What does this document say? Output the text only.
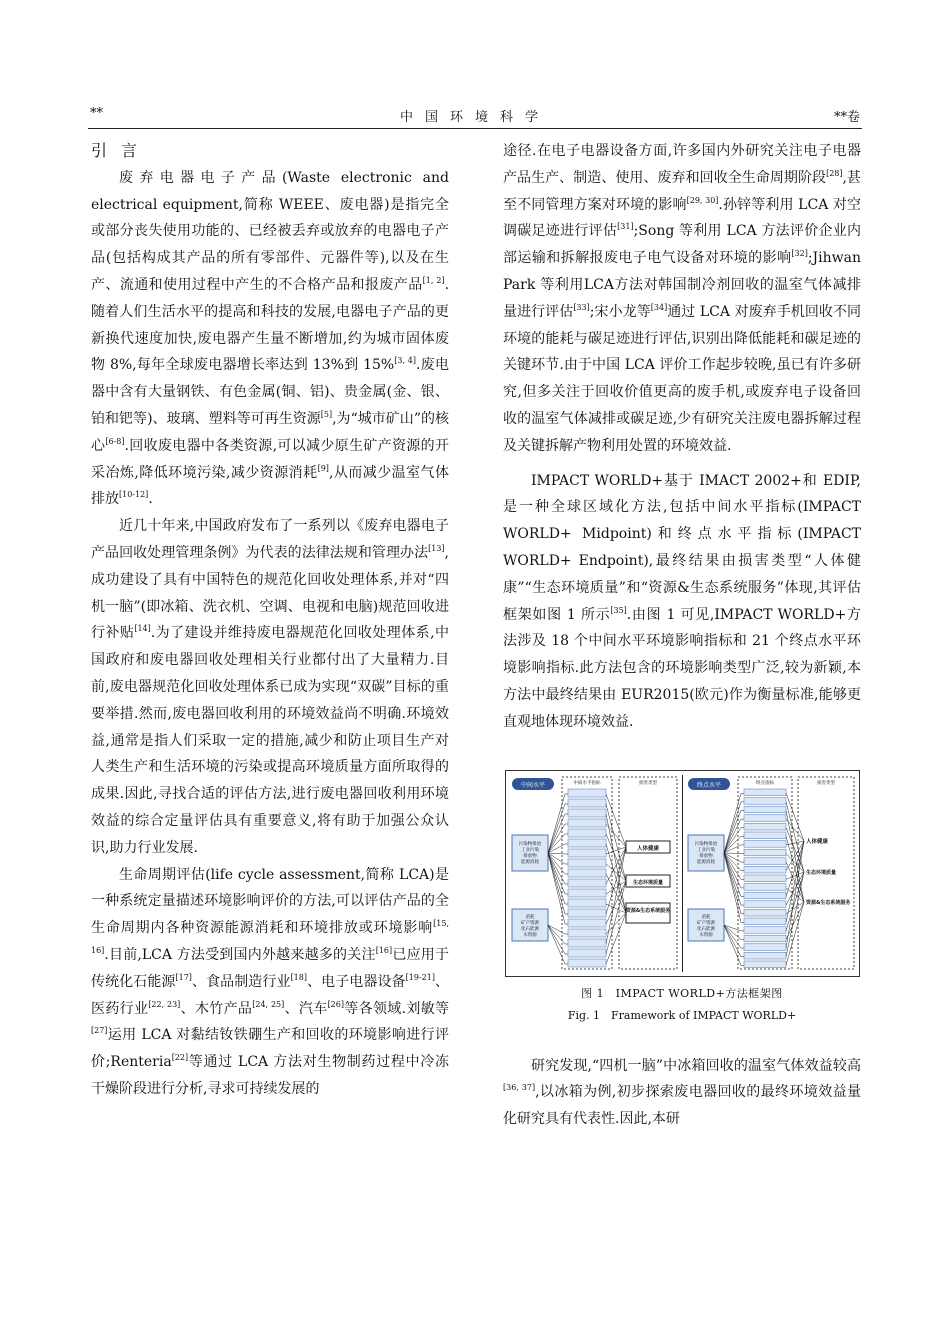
**	中国环境科学	**卷

引言

废弃电器电子产品(Waste electronic and electrical equipment,简称 WEEE、废电器)是指完全或部分丧失使用功能的、已经被丢弃或放弃的电器电子产品(包括构成其产品的所有零部件、元器件等),以及在生产、流通和使用过程中产生的不合格产品和报废产品[1, 2].随着人们生活水平的提高和科技的发展,电器电子产品的更新换代速度加快,废电器产生量不断增加,约为城市固体废物 8%,每年全球废电器增长率达到 13%到 15%[3, 4].废电器中含有大量钢铁、有色金属(铜、铝)、贵金属(金、银、铂和钯等)、玻璃、塑料等可再生资源[5],为“城市矿山”的核心[6-8].回收废电器中各类资源,可以减少原生矿产资源的开采冶炼,降低环境污染,减少资源消耗[9],从而减少温室气体排放[10-12].

近几十年来,中国政府发布了一系列以《废弃电器电子产品回收处理管理条例》为代表的法律法规和管理办法[13],成功建设了具有中国特色的规范化回收处理体系,并对“四机一脑”(即冰箱、洗衣机、空调、电视和电脑)规范回收进行补贴[14].为了建设并维持废电器规范化回收处理体系,中国政府和废电器回收处理相关行业都付出了大量精力.目前,废电器规范化回收处理体系已成为实现“双碳”目标的重要举措.然而,废电器回收利用的环境效益尚不明确.环境效益,通常是指人们采取一定的措施,减少和防止项目生产对人类生产和生活环境的污染或提高环境质量方面所取得的成果.因此,寻找合适的评估方法,进行废电器回收利用环境效益的综合定量评估具有重要意义,将有助于加强公众认识,助力行业发展.

生命周期评估(life cycle assessment,简称 LCA)是一种系统定量描述环境影响评价的方法,可以评估产品的全生命周期内各种资源能源消耗和环境排放或环境影响[15, 16].目前,LCA 方法受到国内外越来越多的关注[16]已应用于传统化石能源[17]、食品制造行业[18]、电子电器设备[19-21]、医药行业[22, 23]、木竹产品[24, 25]、汽车[26]等各领域.刘敏等[27]运用 LCA 对黏结钕铁硼生产和回收的环境影响进行评价;Renteria[22]等通过 LCA 方法对生物制药过程中冷冻干燥阶段进行分析,寻求可持续发展的

途径.在电子电器设备方面,许多国内外研究关注电子电器产品生产、制造、使用、废弃和回收全生命周期阶段[28],甚至不同管理方案对环境的影响[29, 30].孙锌等利用 LCA 对空调碳足迹进行评估[31];Song 等利用 LCA 方法评价企业内部运输和拆解报废电子电气设备对环境的影响[32];Jihwan Park 等利用LCA方法对韩国制冷剂回收的温室气体减排量进行评估[33];宋小龙等[34]通过 LCA 对废弃手机回收不同环境的能耗与碳足迹进行评估,识别出降低能耗和碳足迹的关键环节.由于中国 LCA 评价工作起步较晚,虽已有许多研究,但多关注于回收价值更高的废手机,或废弃电子设备回收的温室气体减排或碳足迹,少有研究关注废电器拆解过程及关键拆解产物利用处置的环境效益.

IMPACT WORLD+基于 IMACT 2002+和 EDIP,是一种全球区域化方法,包括中间水平指标(IMPACT WORLD+ Midpoint)和终点水平指标(IMPACT WORLD+ Endpoint),最终结果由损害类型“人体健康”“生态环境质量”和“资源&生态系统服务”体现,其评估框架如图 1 所示[35].由图 1 可见,IMPACT WORLD+方法涉及 18 个中间水平环境影响指标和 21 个终点水平环境影响指标.此方法包含的环境影响类型广泛,较为新颖,本方法中最终结果由 EUR2015(欧元)作为衡量标准,能够更直观地体现环境效益.

中间水平	中间水平指标	损害类型
污染物排放工业污染排放物能源消耗
消耗矿产资源化石能源水资源
人体健康
生态环境质量
资源&生态系统服务
终点水平	终点指标	损害类型
污染物排放工业污染排放物能源消耗
消耗矿产资源化石能源水资源
人体健康
生态环境质量
资源&生态系统服务
图 1　IMPACT WORLD+方法框架图
Fig. 1　Framework of IMPACT WORLD+

研究发现,“四机一脑”中冰箱回收的温室气体效益较高[36, 37],以冰箱为例,初步探索废电器回收的最终环境效益量化研究具有代表性.因此,本研
